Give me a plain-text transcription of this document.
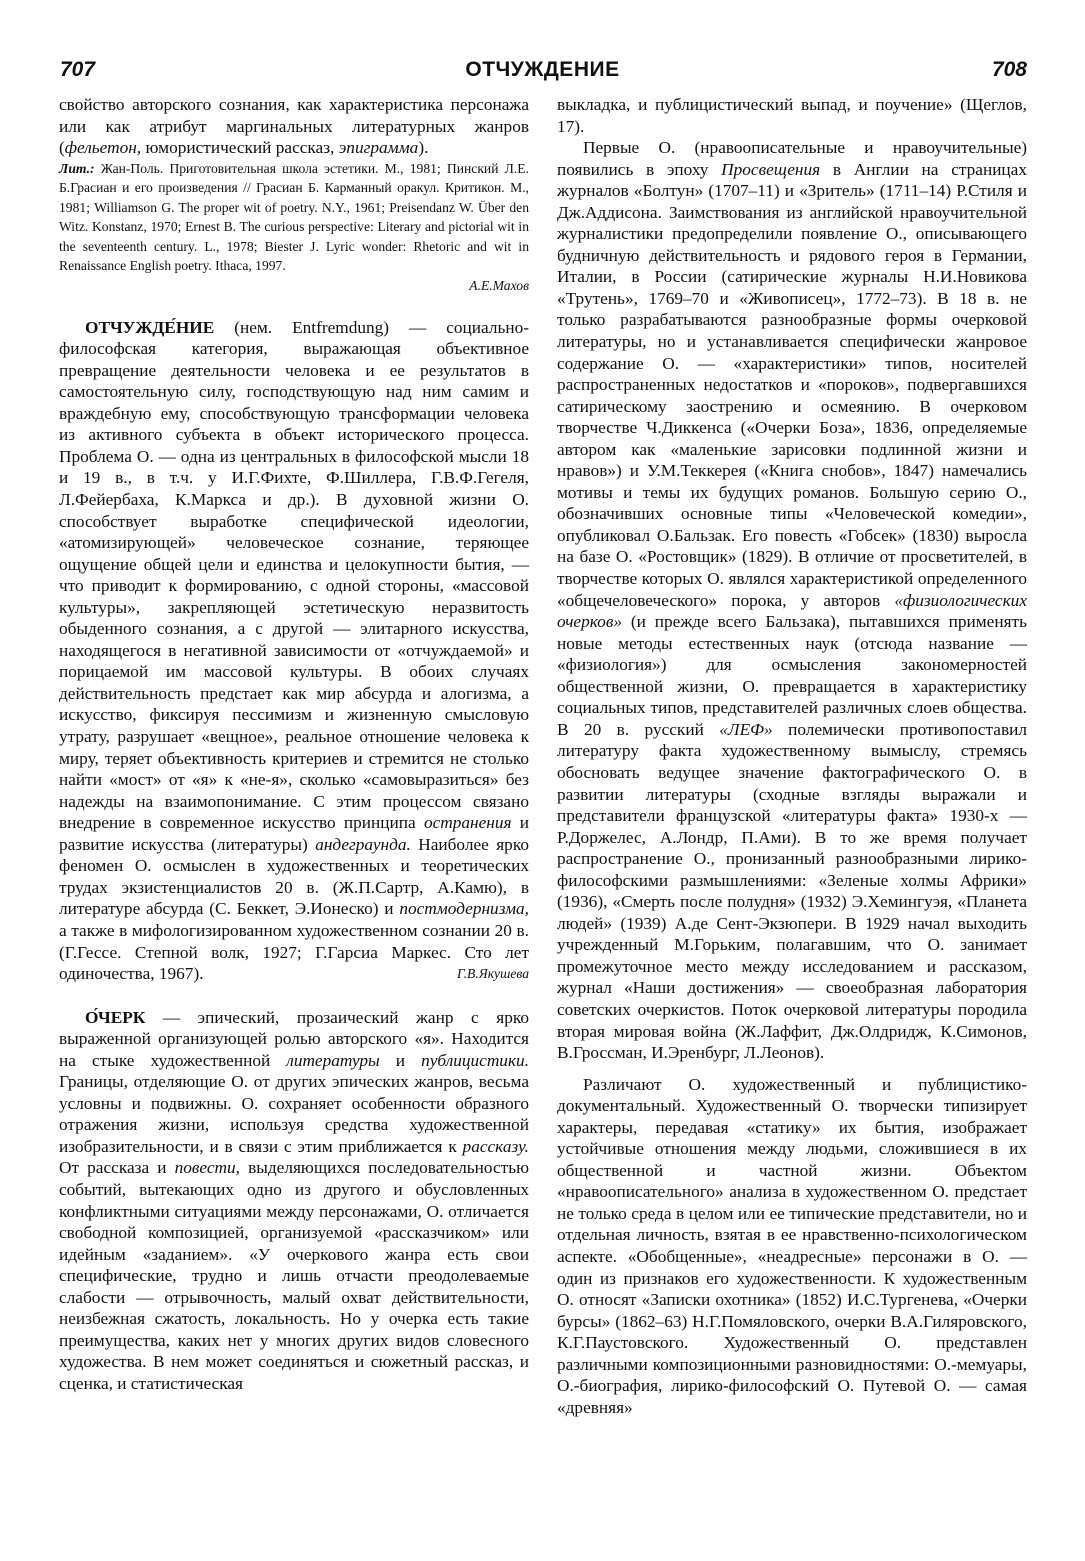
707	ОТЧУЖДЕНИЕ	708

свойство авторского сознания, как характеристика персонажа или как атрибут маргинальных литературных жанров (фельетон, юмористический рассказ, эпиграмма).

Лит.: Жан-Поль. Приготовительная школа эстетики. М., 1981; Пинский Л.Е. Б.Грасиан и его произведения // Грасиан Б. Карманный оракул. Критикон. М., 1981; Williamson G. The proper wit of poetry. N.Y., 1961; Preisendanz W. Über den Witz. Konstanz, 1970; Ernest B. The curious perspective: Literary and pictorial wit in the seventeenth century. L., 1978; Biester J. Lyric wonder: Rhetoric and wit in Renaissance English poetry. Ithaca, 1997.
А.Е.Махов

ОТЧУЖДЕ́НИЕ (нем. Entfremdung) — социально-философская категория, выражающая объективное превращение деятельности человека и ее результатов в самостоятельную силу, господствующую над ним самим и враждебную ему, способствующую трансформации человека из активного субъекта в объект исторического процесса. Проблема О. — одна из центральных в философской мысли 18 и 19 в., в т.ч. у И.Г.Фихте, Ф.Шиллера, Г.В.Ф.Гегеля, Л.Фейербаха, К.Маркса и др.). В духовной жизни О. способствует выработке специфической идеологии, «атомизирующей» человеческое сознание, теряющее ощущение общей цели и единства и целокупности бытия, — что приводит к формированию, с одной стороны, «массовой культуры», закрепляющей эстетическую неразвитость обыденного сознания, а с другой — элитарного искусства, находящегося в негативной зависимости от «отчуждаемой» и порицаемой им массовой культуры. В обоих случаях действительность предстает как мир абсурда и алогизма, а искусство, фиксируя пессимизм и жизненную смысловую утрату, разрушает «вещное», реальное отношение человека к миру, теряет объективность критериев и стремится не столько найти «мост» от «я» к «не-я», сколько «самовыразиться» без надежды на взаимопонимание. С этим процессом связано внедрение в современное искусство принципа остранения и развитие искусства (литературы) андеграунда. Наиболее ярко феномен О. осмыслен в художественных и теоретических трудах экзистенциалистов 20 в. (Ж.П.Сартр, А.Камю), в литературе абсурда (С. Беккет, Э.Ионеско) и постмодернизма, а также в мифологизированном художественном сознании 20 в. (Г.Гессе. Степной волк, 1927; Г.Гарсиа Маркес. Сто лет одиночества, 1967).	Г.В.Якушева

О́ЧЕРК — эпический, прозаический жанр с ярко выраженной организующей ролью авторского «я». Находится на стыке художественной литературы и публицистики. Границы, отделяющие О. от других эпических жанров, весьма условны и подвижны. О. сохраняет особенности образного отражения жизни, используя средства художественной изобразительности, и в связи с этим приближается к рассказу. От рассказа и повести, выделяющихся последовательностью событий, вытекающих одно из другого и обусловленных конфликтными ситуациями между персонажами, О. отличается свободной композицией, организуемой «рассказчиком» или идейным «заданием». «У очеркового жанра есть свои специфические, трудно и лишь отчасти преодолеваемые слабости — отрывочность, малый охват действительности, неизбежная сжатость, локальность. Но у очерка есть такие преимущества, каких нет у многих других видов словесного художества. В нем может соединяться и сюжетный рассказ, и сценка, и статистическая

выкладка, и публицистический выпад, и поучение» (Щеглов, 17).

Первые О. (нравоописательные и нравоучительные) появились в эпоху Просвещения в Англии на страницах журналов «Болтун» (1707–11) и «Зритель» (1711–14) Р.Стиля и Дж.Аддисона. Заимствования из английской нравоучительной журналистики предопределили появление О., описывающего будничную действительность и рядового героя в Германии, Италии, в России (сатирические журналы Н.И.Новикова «Трутень», 1769–70 и «Живописец», 1772–73). В 18 в. не только разрабатываются разнообразные формы очерковой литературы, но и устанавливается специфически жанровое содержание О. — «характеристики» типов, носителей распространенных недостатков и «пороков», подвергавшихся сатирическому заострению и осмеянию. В очерковом творчестве Ч.Диккенса («Очерки Боза», 1836, определяемые автором как «маленькие зарисовки подлинной жизни и нравов») и У.М.Теккерея («Книга снобов», 1847) намечались мотивы и темы их будущих романов. Большую серию О., обозначивших основные типы «Человеческой комедии», опубликовал О.Бальзак. Его повесть «Гобсек» (1830) выросла на базе О. «Ростовщик» (1829). В отличие от просветителей, в творчестве которых О. являлся характеристикой определенного «общечеловеческого» порока, у авторов «физиологических очерков» (и прежде всего Бальзака), пытавшихся применять новые методы естественных наук (отсюда название — «физиология») для осмысления закономерностей общественной жизни, О. превращается в характеристику социальных типов, представителей различных слоев общества. В 20 в. русский «ЛЕФ» полемически противопоставил литературу факта художественному вымыслу, стремясь обосновать ведущее значение фактографического О. в развитии литературы (сходные взгляды выражали и представители французской «литературы факта» 1930-х — Р.Доржелес, А.Лондр, П.Ами). В то же время получает распространение О., пронизанный разнообразными лирико-философскими размышлениями: «Зеленые холмы Африки» (1936), «Смерть после полудня» (1932) Э.Хемингуэя, «Планета людей» (1939) А.де Сент-Экзюпери. В 1929 начал выходить учрежденный М.Горьким, полагавшим, что О. занимает промежуточное место между исследованием и рассказом, журнал «Наши достижения» — своеобразная лаборатория советских очеркистов. Поток очерковой литературы породила вторая мировая война (Ж.Лаффит, Дж.Олдридж, К.Симонов, В.Гроссман, И.Эренбург, Л.Леонов).

Различают О. художественный и публицистико-документальный. Художественный О. творчески типизирует характеры, передавая «статику» их бытия, изображает устойчивые отношения между людьми, сложившиеся в их общественной и частной жизни. Объектом «нравоописательного» анализа в художественном О. предстает не только среда в целом или ее типические представители, но и отдельная личность, взятая в ее нравственно-психологическом аспекте. «Обобщенные», «неадресные» персонажи в О. — один из признаков его художественности. К художественным О. относят «Записки охотника» (1852) И.С.Тургенева, «Очерки бурсы» (1862–63) Н.Г.Помяловского, очерки В.А.Гиляровского, К.Г.Паустовского. Художественный О. представлен различными композиционными разновидностями: О.-мемуары, О.-биография, лирико-философский О. Путевой О. — самая «древняя»
